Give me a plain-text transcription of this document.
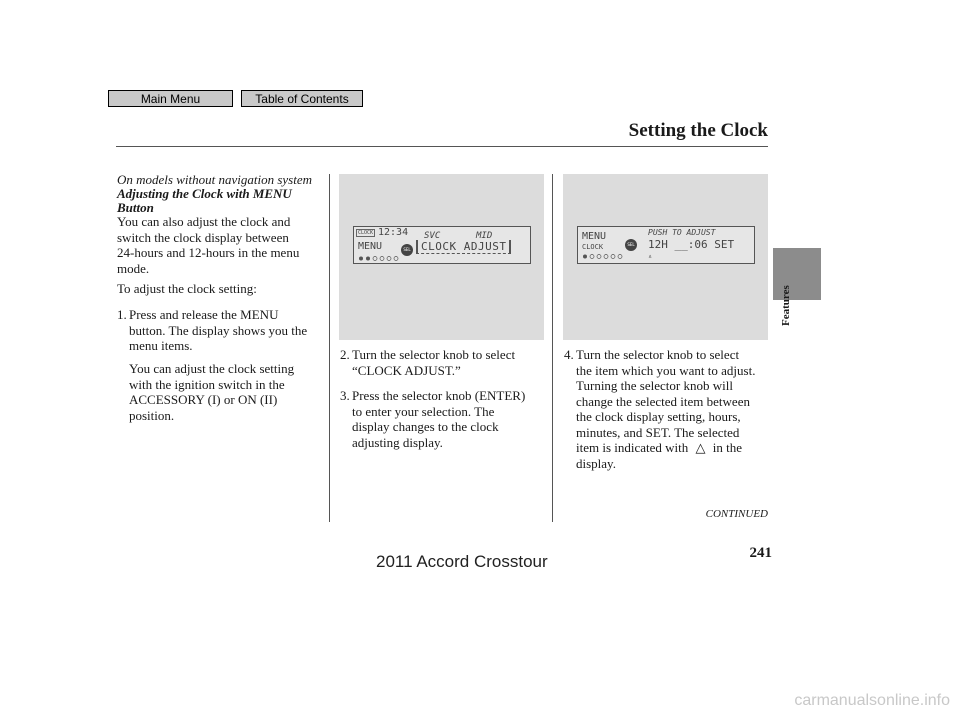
Main Menu	Table of Contents
Setting the Clock
Features
On models without navigation system
Adjusting the Clock with MENU
Button
You can also adjust the clock and
switch the clock display between
24-hours and 12-hours in the menu
mode.
To adjust the clock setting:
1. Press and release the MENU
button. The display shows you the
menu items.
You can adjust the clock setting
with the ignition switch in the
ACCESSORY (I) or ON (II)
position.
CLOCK 12:34 SVC	MID
MENU	SEL CLOCK ADJUST
2. Turn the selector knob to select
“CLOCK ADJUST.”
3. Press the selector knob (ENTER)
to enter your selection. The
display changes to the clock
adjusting display.
MENU
CLOCK	SEL
PUSH TO ADJUST
12H __:06 SET
▵
4. Turn the selector knob to select
the item which you want to adjust.
Turning the selector knob will
change the selected item between
the clock display setting, hours,
minutes, and SET. The selected
item is indicated with △ in the
display.
CONTINUED
241
2011 Accord Crosstour
carmanualsonline.info
